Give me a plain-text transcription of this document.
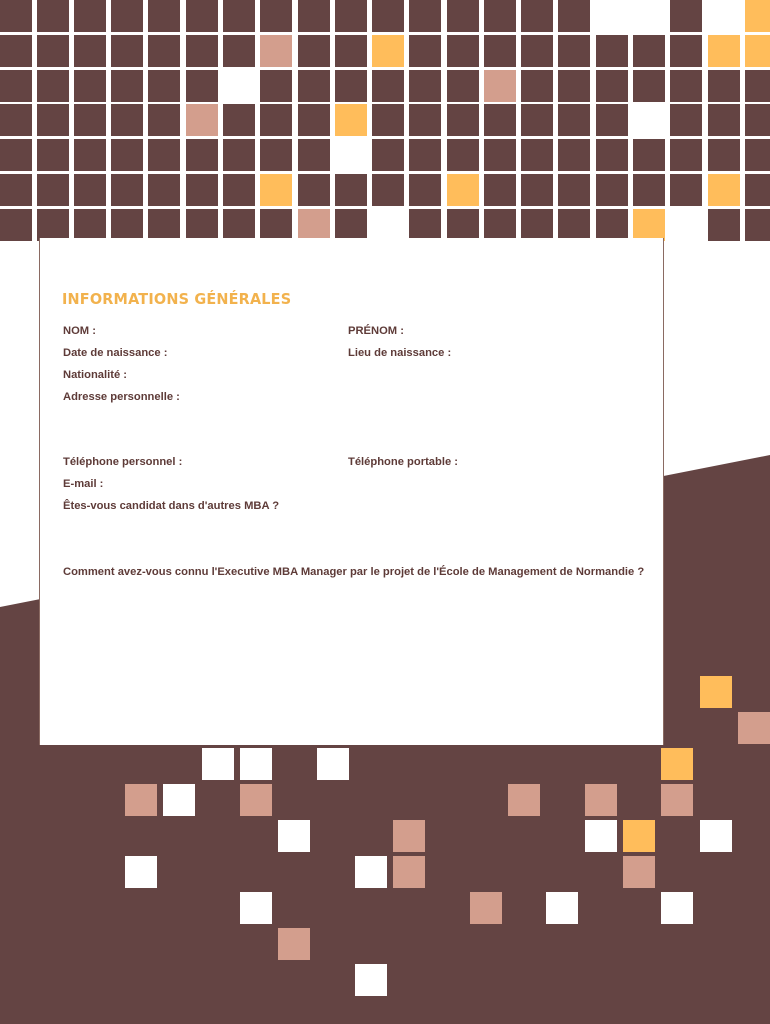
INFORMATIONS GÉNÉRALES
NOM :	PRÉNOM :
Date de naissance :	Lieu de naissance :
Nationalité :
Adresse personnelle :
Téléphone personnel :	Téléphone portable :
E-mail :
Êtes-vous candidat dans d'autres MBA ?
Comment avez-vous connu l'Executive MBA Manager par le projet de l'École de Management de Normandie ?
